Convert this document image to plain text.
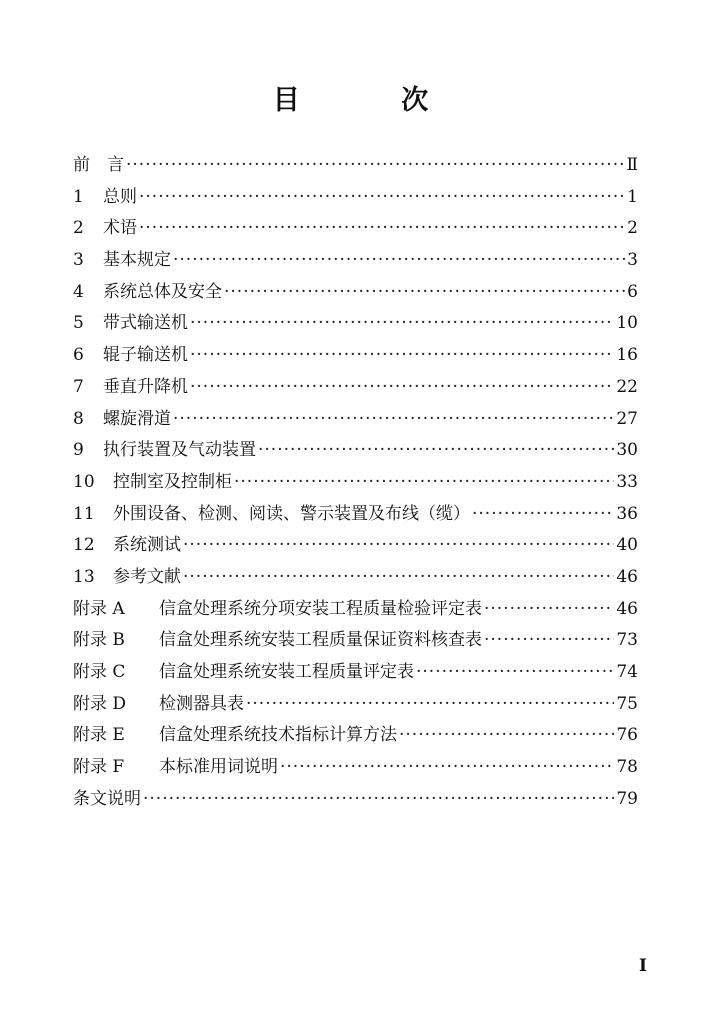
目 次
前　言 ·····	Ⅱ
1	总则 ·····	1
2	术语 ·····	2
3	基本规定 ·····	3
4	系统总体及安全 ·····	6
5	带式输送机 ·····	10
6	辊子输送机 ·····	16
7	垂直升降机 ·····	22
8	螺旋滑道 ·····	27
9	执行装置及气动装置 ·····	30
10	控制室及控制柜 ·····	33
11	外围设备、检测、阅读、警示装置及布线（缆） ·····	36
12	系统测试 ·····	40
13	参考文献 ·····	46
附录 A	信盒处理系统分项安装工程质量检验评定表 ·····	46
附录 B	信盒处理系统安装工程质量保证资料核查表 ·····	73
附录 C	信盒处理系统安装工程质量评定表 ·····	74
附录 D	检测器具表 ·····	75
附录 E	信盒处理系统技术指标计算方法 ·····	76
附录 F	本标准用词说明 ·····	78
条文说明 ·····	79
I
